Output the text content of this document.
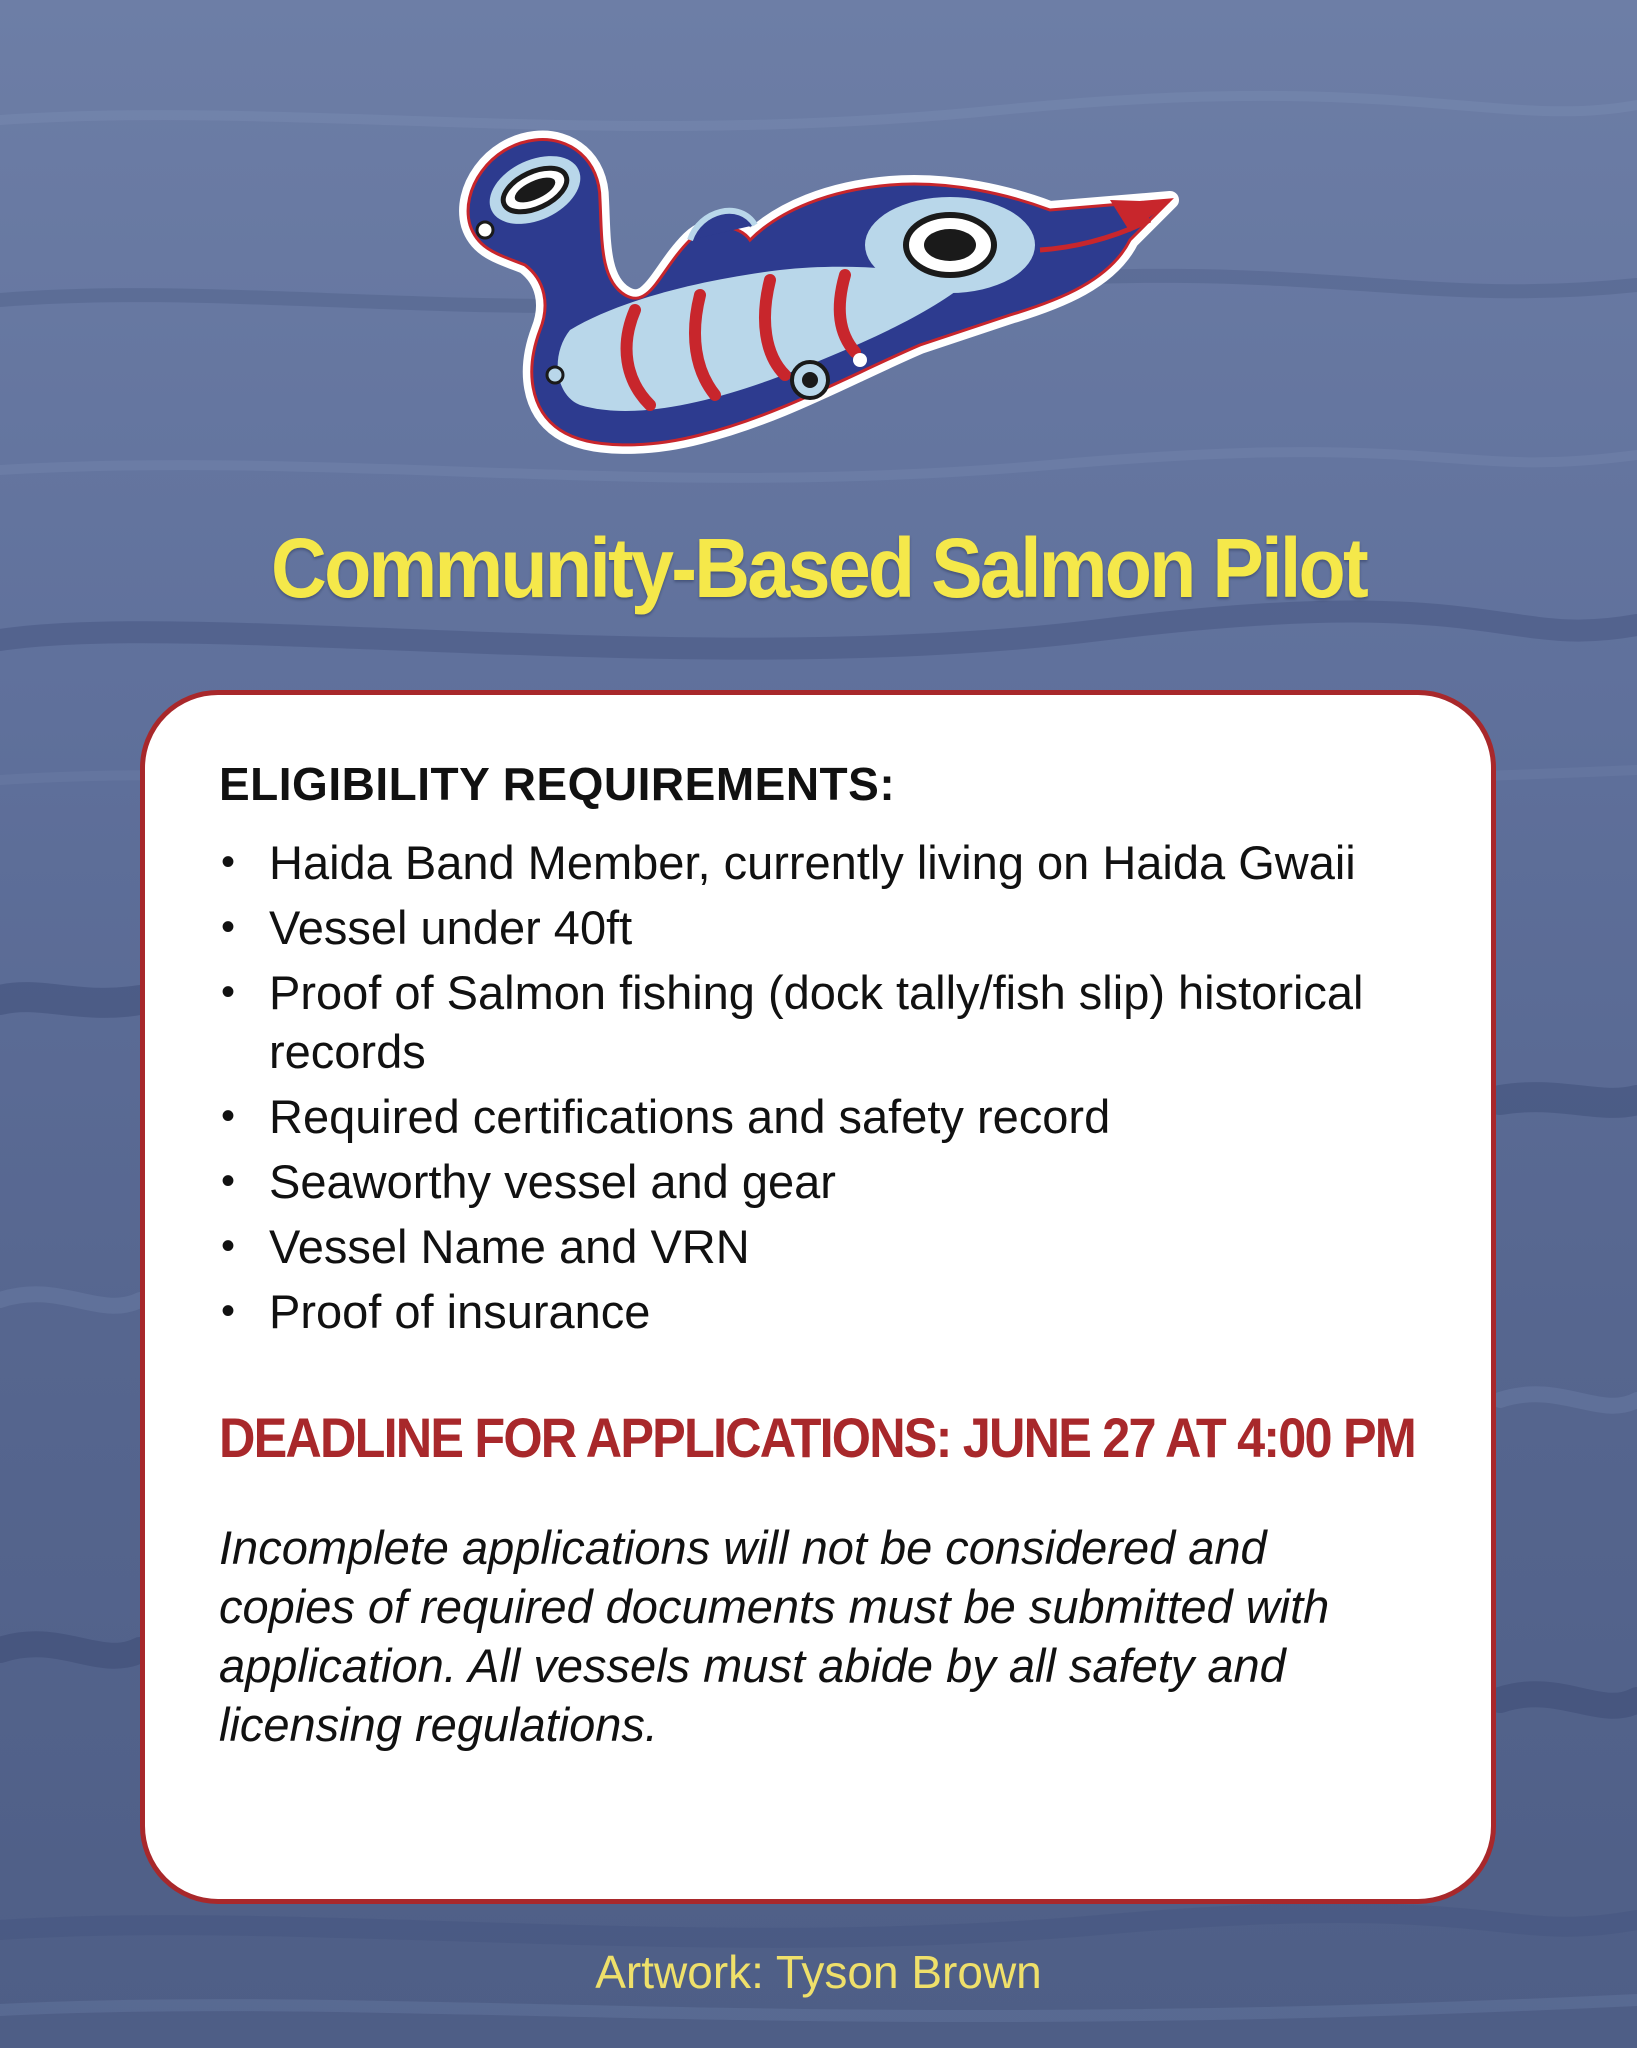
Community-Based Salmon Pilot
ELIGIBILITY REQUIREMENTS:
• Haida Band Member, currently living on Haida Gwaii
• Vessel under 40ft
• Proof of Salmon fishing (dock tally/fish slip) historical records
• Required certifications and safety record
• Seaworthy vessel and gear
• Vessel Name and VRN
• Proof of insurance
DEADLINE FOR APPLICATIONS: JUNE 27 AT 4:00 PM
Incomplete applications will not be considered and copies of required documents must be submitted with application. All vessels must abide by all safety and licensing regulations.
Artwork: Tyson Brown
